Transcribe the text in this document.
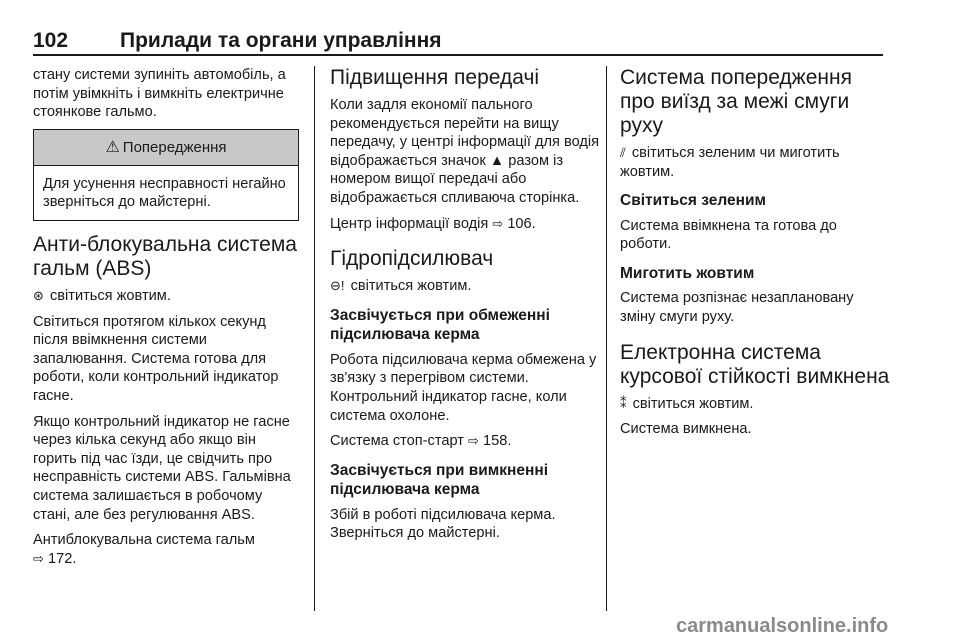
102 Прилади та органи управління

стану системи зупиніть автомобіль, а потім увімкніть і вимкніть електричне стоянкове гальмо.

⚠ Попередження
Для усунення несправності негайно зверніться до майстерні.
Анти-блокувальна система гальм (ABS)

⊛ світиться жовтим.

Світиться протягом кількох секунд після ввімкнення системи запалювання. Система готова для роботи, коли контрольний індикатор гасне.

Якщо контрольний індикатор не гасне через кілька секунд або якщо він горить під час їзди, це свідчить про несправність системи ABS. Гальмівна система залишається в робочому стані, але без регулювання ABS.

Антиблокувальна система гальм
⇨ 172.

Підвищення передачі

Коли задля економії пального рекомендується перейти на вищу передачу, у центрі інформації для водія відображається значок ▲ разом із номером вищої передачі або відображається спливаюча сторінка.

Центр інформації водія ⇨ 106.

Гідропідсилювач

⊖! світиться жовтим.

Засвічується при обмеженні підсилювача керма

Робота підсилювача керма обмежена у зв'язку з перегрівом системи. Контрольний індикатор гасне, коли система охолоне.

Система стоп-старт ⇨ 158.

Засвічується при вимкненні підсилювача керма

Збій в роботі підсилювача керма. Зверніться до майстерні.

Система попередження про виїзд за межі смуги руху

⫽ світиться зеленим чи миготить жовтим.

Світиться зеленим

Система ввімкнена та готова до роботи.

Миготить жовтим

Система розпізнає незаплановану зміну смуги руху.

Електронна система курсової стійкості вимкнена

⁑ світиться жовтим.

Система вимкнена.

carmanualsonline.info
